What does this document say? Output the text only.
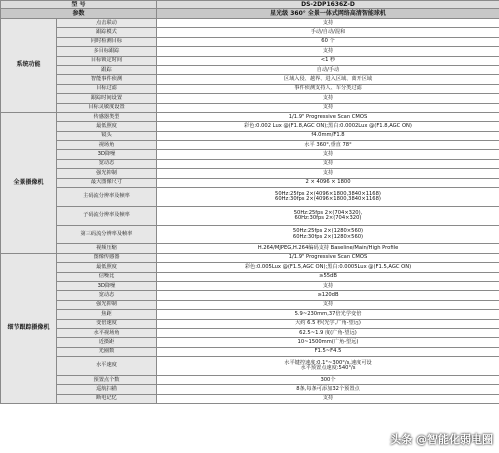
型 号		DS-2DP1636Z-D
参数		星光级 360° 全景一体式网络高清智能球机
系统功能	点击联动	支持
	跟踪模式	手动/自动/混和
	同时检测目标	60 个
	多目标跟踪	支持
	目标锁定时间	<1 秒
	跟踪	自动/手动
	智能事件侦测	区域入侵、越界、进入区域、离开区域
	目标过滤	事件侦测支持人、车分类过滤
	跟踪时间设置	支持
	目标灵敏度设置	支持
全景摄像机	传感器类型	1/1.9" Progressive Scan CMOS
	最低照度	彩色:0.002 Lux @(F1.8,AGC ON);黑白:0.0002Lux @(F1.8,AGC ON)
	镜头	f4.0mm/F1.8
	视场角	水平 360°,垂直 78°
	3D降噪	支持
	宽动态	支持
	强光抑制	支持
	最大图像尺寸	2 × 4096 × 1800
	主码流分辨率及帧率	50Hz:25fps 2×(4096×1800,3840×1168)
60Hz:30fps 2×(4096×1800,3840×1168)
	子码流分辨率及帧率	50Hz:25fps 2×(704×320),
60Hz:30fps 2×(704×320)
	第三码流分辨率及帧率	50Hz:25fps 2×(1280×560)
60Hz:30fps 2×(1280×560)
	视频压缩	H.264/MJPEG,H.264编码支持 Baseline/Main/High Profile
细节跟踪摄像机	图像传感器	1/1.9" Progressive Scan CMOS
	最低照度	彩色:0.005Lux @(F1.5,AGC ON);黑白:0.0005Lux @(F1.5,AGC ON)
	信噪比	≥55dB
	3D降噪	支持
	宽动态	≥120dB
	强光抑制	支持
	焦距	5.9~230mm,37倍光学变倍
	变倍速度	大约 6.5 秒(光学,广角-望远)
	水平视场角	62.5~1.9 度(广角-望远)
	近摄距	10~1500mm(广角-望远)
	光圈数	F1.5~F4.5
	水平速度	水平键控速度:0.1°~300°/s,速度可设
水平预置点速度:540°/s
	预置点个数	300个
	巡航扫描	8条,每条可添加32个预置点
	断电记忆	支持
头条 @智能化弱电圈
